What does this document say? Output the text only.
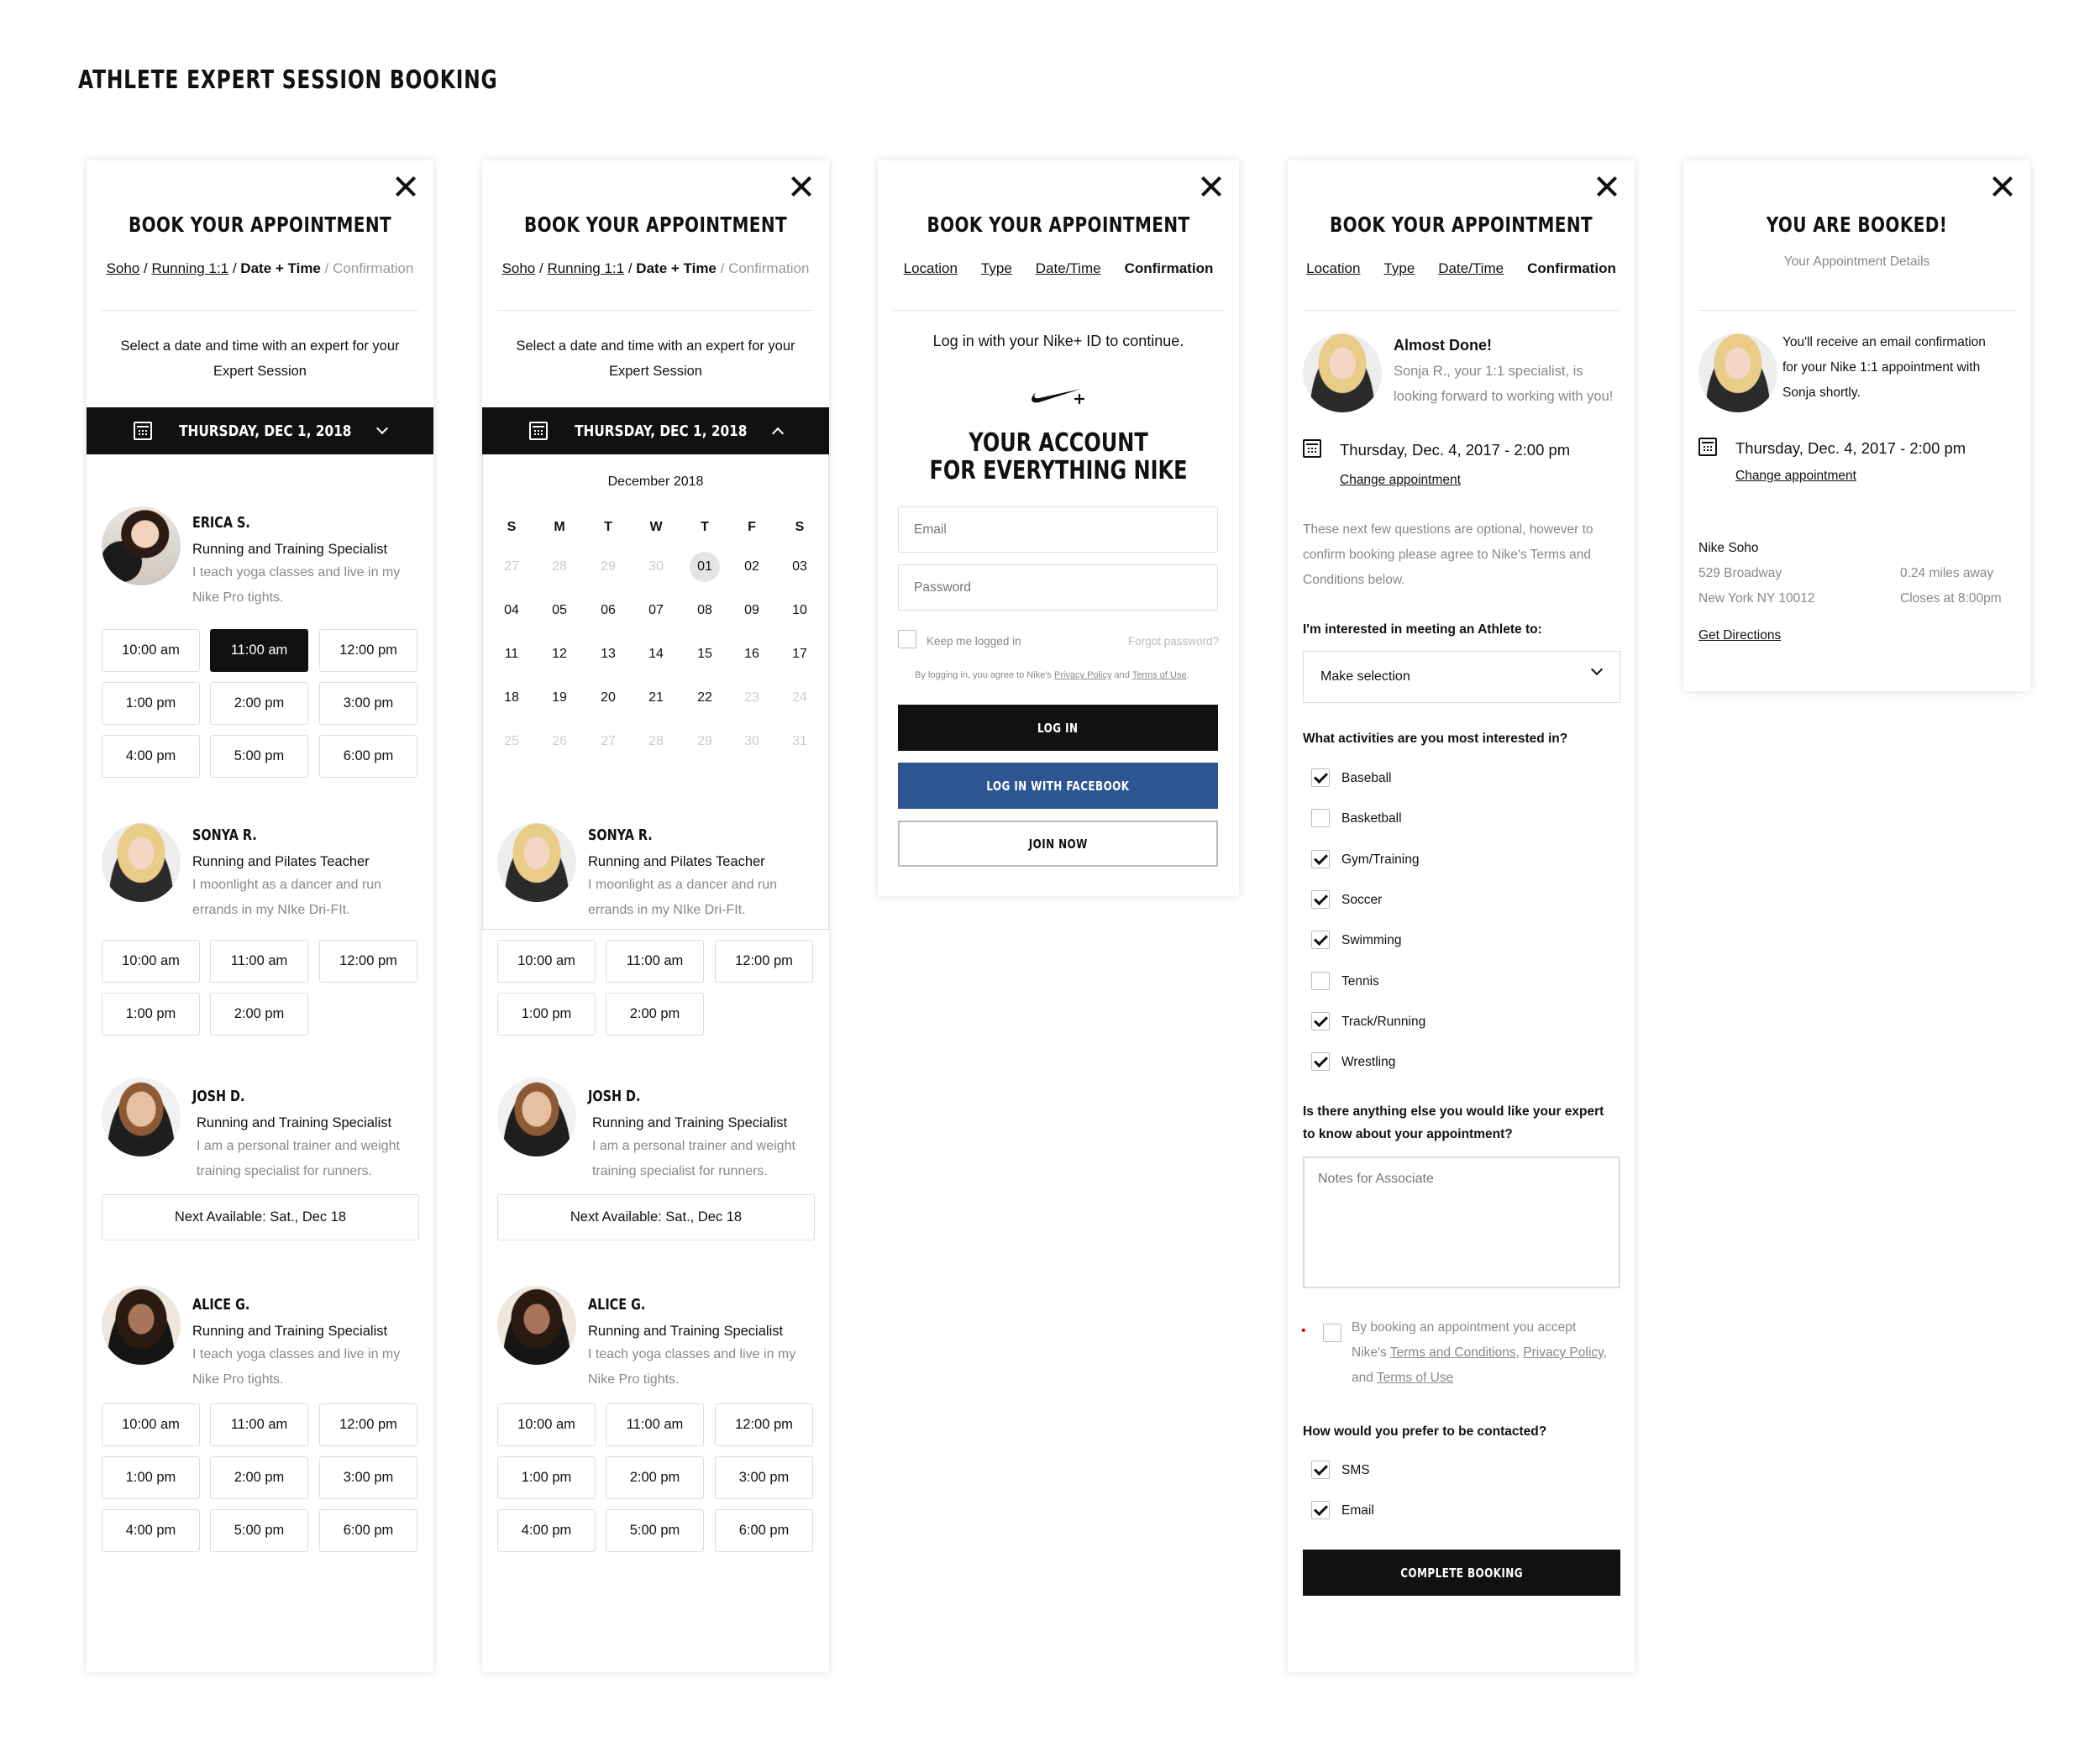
ATHLETE EXPERT SESSION BOOKING
BOOK YOUR APPOINTMENT
Soho / Running 1:1 / Date + Time / Confirmation
Select a date and time with an expert for your
Expert Session
THURSDAY, DEC 1, 2018
ERICA S.
Running and Training Specialist
I teach yoga classes and live in my
Nike Pro tights.
10:00 am	11:00 am	12:00 pm
1:00 pm	2:00 pm	3:00 pm
4:00 pm	5:00 pm	6:00 pm
SONYA R.
Running and Pilates Teacher
I moonlight as a dancer and run
errands in my NIke Dri-FIt.
10:00 am	11:00 am	12:00 pm
1:00 pm	2:00 pm
JOSH D.
Running and Training Specialist
I am a personal trainer and weight
training specialist for runners.
Next Available: Sat., Dec 18
ALICE G.
Running and Training Specialist
I teach yoga classes and live in my
Nike Pro tights.
10:00 am	11:00 am	12:00 pm
1:00 pm	2:00 pm	3:00 pm
4:00 pm	5:00 pm	6:00 pm
BOOK YOUR APPOINTMENT
Soho / Running 1:1 / Date + Time / Confirmation
Select a date and time with an expert for your
Expert Session
10:00 am	11:00 am	12:00 pm
1:00 pm	2:00 pm
10:00 am	11:00 am	12:00 pm
1:00 pm	2:00 pm	3:00 pm
4:00 pm	5:00 pm	6:00 pm
December 2018
S	M	T	W	T	F	S
27	28	29	30	01	02	03
04	05	06	07	08	09	10
11	12	13	14	15	16	17
18	19	20	21	22	23	24
25	26	27	28	29	30	31
THURSDAY, DEC 1, 2018
SONYA R.
Running and Pilates Teacher
I moonlight as a dancer and run
errands in my NIke Dri-FIt.
JOSH D.
Running and Training Specialist
I am a personal trainer and weight
training specialist for runners.
Next Available: Sat., Dec 18
ALICE G.
Running and Training Specialist
I teach yoga classes and live in my
Nike Pro tights.
BOOK YOUR APPOINTMENT
Location Type Date/Time Confirmation
Log in with your Nike+ ID to continue.
YOUR ACCOUNT
FOR EVERYTHING NIKE
Email
Password
Keep me logged in	Forgot password?
By logging in, you agree to Nike's Privacy Policy and Terms of Use.
LOG IN
LOG IN WITH FACEBOOK
JOIN NOW
BOOK YOUR APPOINTMENT
Location Type Date/Time Confirmation
Almost Done!
Sonja R., your 1:1 specialist, is
looking forward to working with you!
Thursday, Dec. 4, 2017 - 2:00 pm
Change appointment
These next few questions are optional, however to
confirm booking please agree to Nike's Terms and
Conditions below.
I'm interested in meeting an Athlete to:
Make selection
What activities are you most interested in?
Baseball
Basketball
Gym/Training
Soccer
Swimming
Tennis
Track/Running
Wrestling
Is there anything else you would like your expert
to know about your appointment?
Notes for Associate
•	By booking an appointment you accept
Nike's Terms and Conditions, Privacy Policy,
and Terms of Use
How would you prefer to be contacted?
SMS
Email
COMPLETE BOOKING
YOU ARE BOOKED!
Your Appointment Details
You'll receive an email confirmation
for your Nike 1:1 appointment with
Sonja shortly.
Thursday, Dec. 4, 2017 - 2:00 pm
Change appointment
Nike Soho
529 Broadway
New York NY 10012
0.24 miles away
Closes at 8:00pm
Get Directions
